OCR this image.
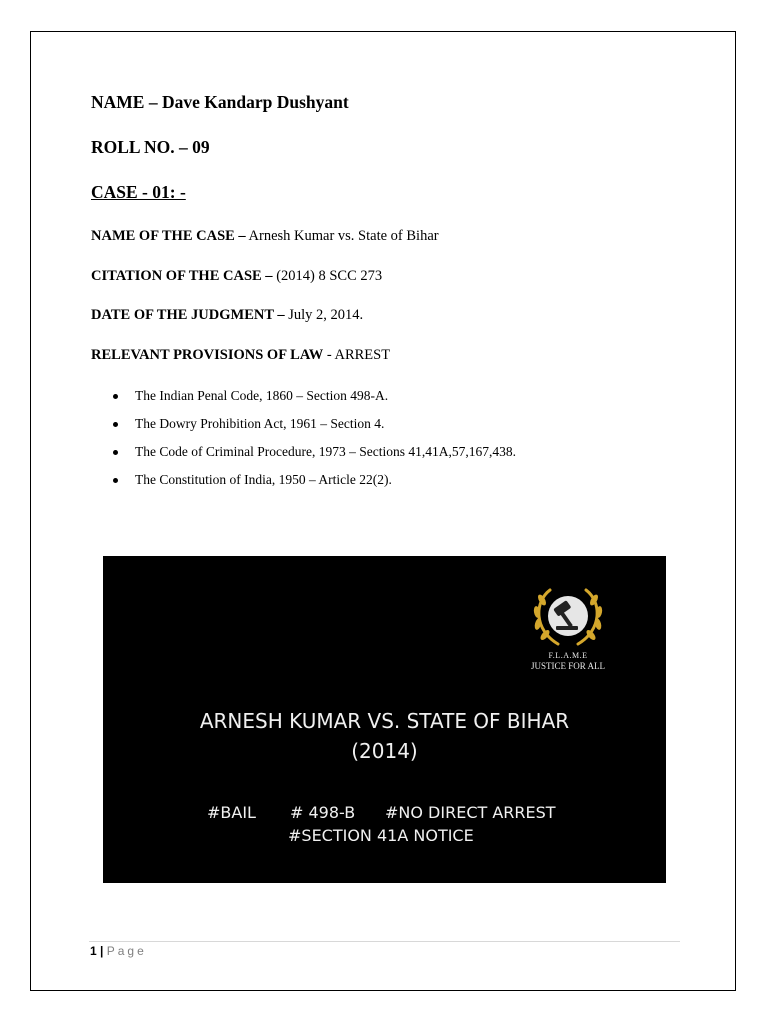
NAME – Dave Kandarp Dushyant
ROLL NO. – 09
CASE - 01: -
NAME OF THE CASE – Arnesh Kumar vs. State of Bihar
CITATION OF THE CASE – (2014) 8 SCC 273
DATE OF THE JUDGMENT – July 2, 2014.
RELEVANT PROVISIONS OF LAW - ARREST
The Indian Penal Code, 1860 – Section 498-A.
The Dowry Prohibition Act, 1961 – Section 4.
The Code of Criminal Procedure, 1973 – Sections 41,41A,57,167,438.
The Constitution of India, 1950 – Article 22(2).
F.L.A.M.E
JUSTICE FOR ALL
ARNESH KUMAR VS. STATE OF BIHAR
(2014)
#BAIL # 498-B #NO DIRECT ARREST
#SECTION 41A NOTICE
1 | Page
